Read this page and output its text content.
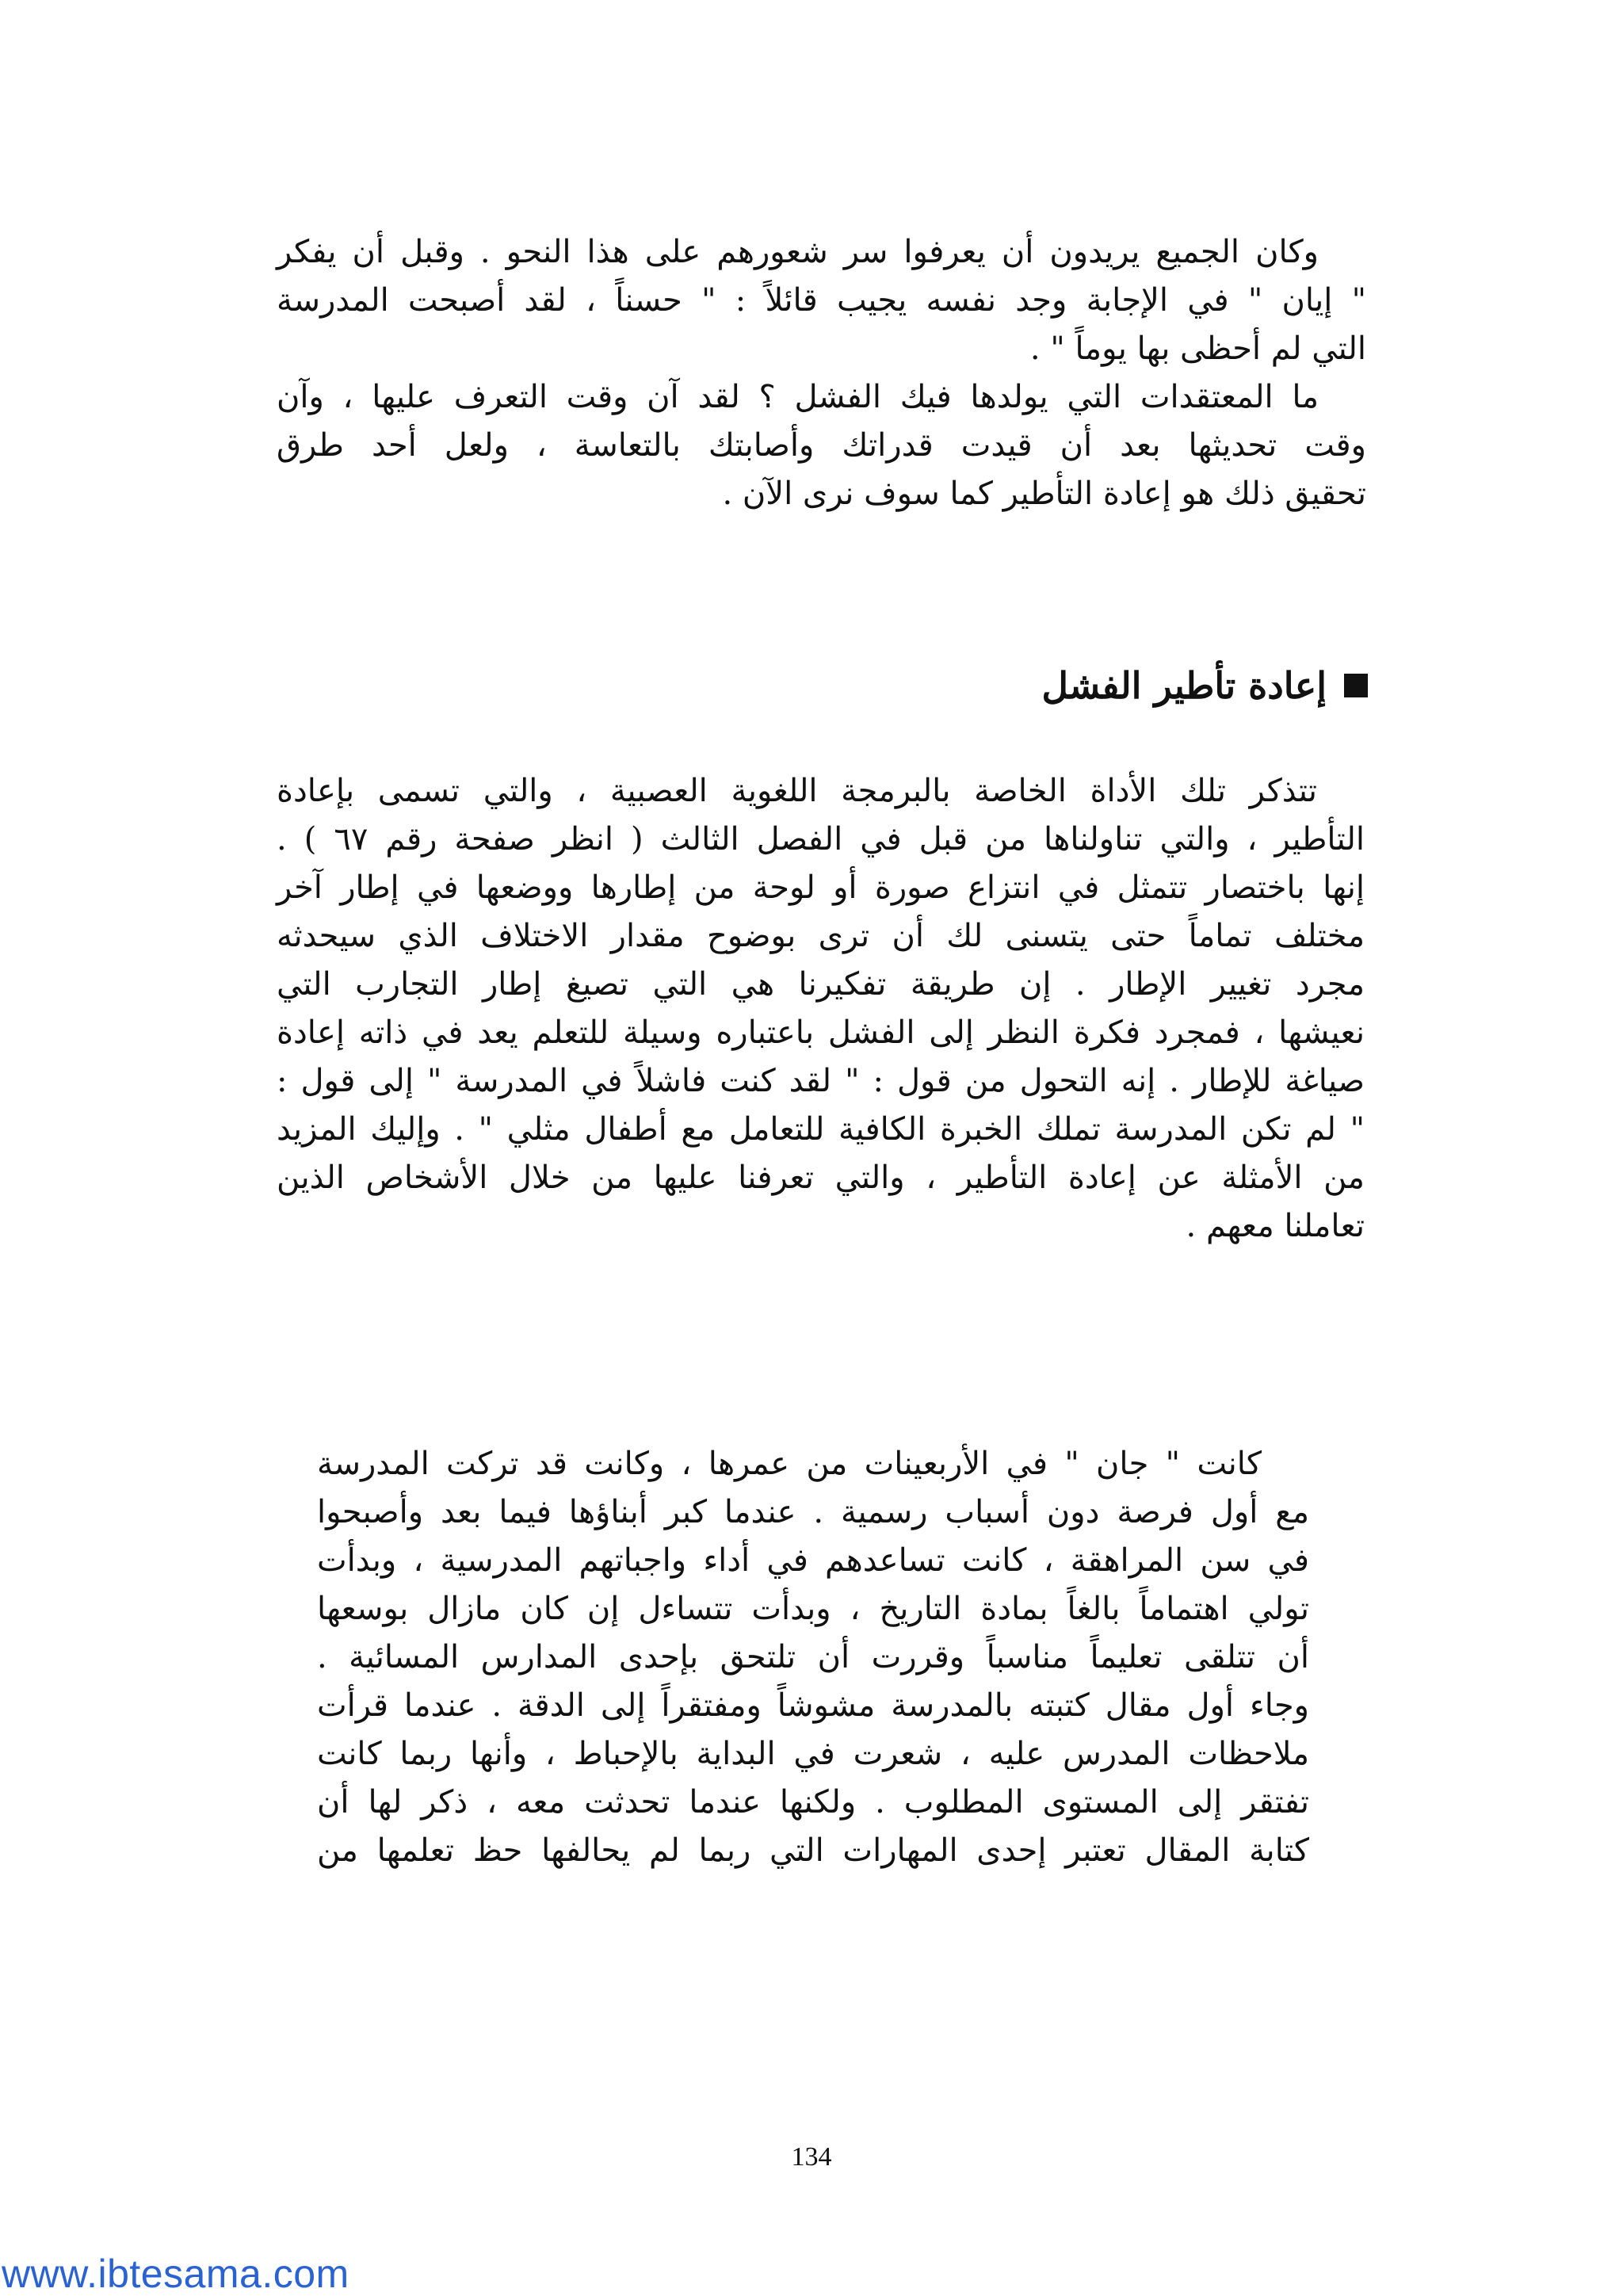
وكان الجميع يريدون أن يعرفوا سر شعورهم على هذا النحو . وقبل أن يفكر
" إيان " في الإجابة وجد نفسه يجيب قائلاً : " حسناً ، لقد أصبحت المدرسة
التي لم أحظى بها يوماً " .
ما المعتقدات التي يولدها فيك الفشل ؟ لقد آن وقت التعرف عليها ، وآن
وقت تحديثها بعد أن قيدت قدراتك وأصابتك بالتعاسة ، ولعل أحد طرق
تحقيق ذلك هو إعادة التأطير كما سوف نرى الآن .
إعادة تأطير الفشل
تتذكر تلك الأداة الخاصة بالبرمجة اللغوية العصبية ، والتي تسمى بإعادة
التأطير ، والتي تناولناها من قبل في الفصل الثالث ( انظر صفحة رقم ٦٧ ) .
إنها باختصار تتمثل في انتزاع صورة أو لوحة من إطارها ووضعها في إطار آخر
مختلف تماماً حتى يتسنى لك أن ترى بوضوح مقدار الاختلاف الذي سيحدثه
مجرد تغيير الإطار . إن طريقة تفكيرنا هي التي تصيغ إطار التجارب التي
نعيشها ، فمجرد فكرة النظر إلى الفشل باعتباره وسيلة للتعلم يعد في ذاته إعادة
صياغة للإطار . إنه التحول من قول : " لقد كنت فاشلاً في المدرسة " إلى قول :
" لم تكن المدرسة تملك الخبرة الكافية للتعامل مع أطفال مثلي " . وإليك المزيد
من الأمثلة عن إعادة التأطير ، والتي تعرفنا عليها من خلال الأشخاص الذين
تعاملنا معهم .
كانت " جان " في الأربعينات من عمرها ، وكانت قد تركت المدرسة
مع أول فرصة دون أسباب رسمية . عندما كبر أبناؤها فيما بعد وأصبحوا
في سن المراهقة ، كانت تساعدهم في أداء واجباتهم المدرسية ، وبدأت
تولي اهتماماً بالغاً بمادة التاريخ ، وبدأت تتساءل إن كان مازال بوسعها
أن تتلقى تعليماً مناسباً وقررت أن تلتحق بإحدى المدارس المسائية .
وجاء أول مقال كتبته بالمدرسة مشوشاً ومفتقراً إلى الدقة . عندما قرأت
ملاحظات المدرس عليه ، شعرت في البداية بالإحباط ، وأنها ربما كانت
تفتقر إلى المستوى المطلوب . ولكنها عندما تحدثت معه ، ذكر لها أن
كتابة المقال تعتبر إحدى المهارات التي ربما لم يحالفها حظ تعلمها من
134
www.ibtesama.com
